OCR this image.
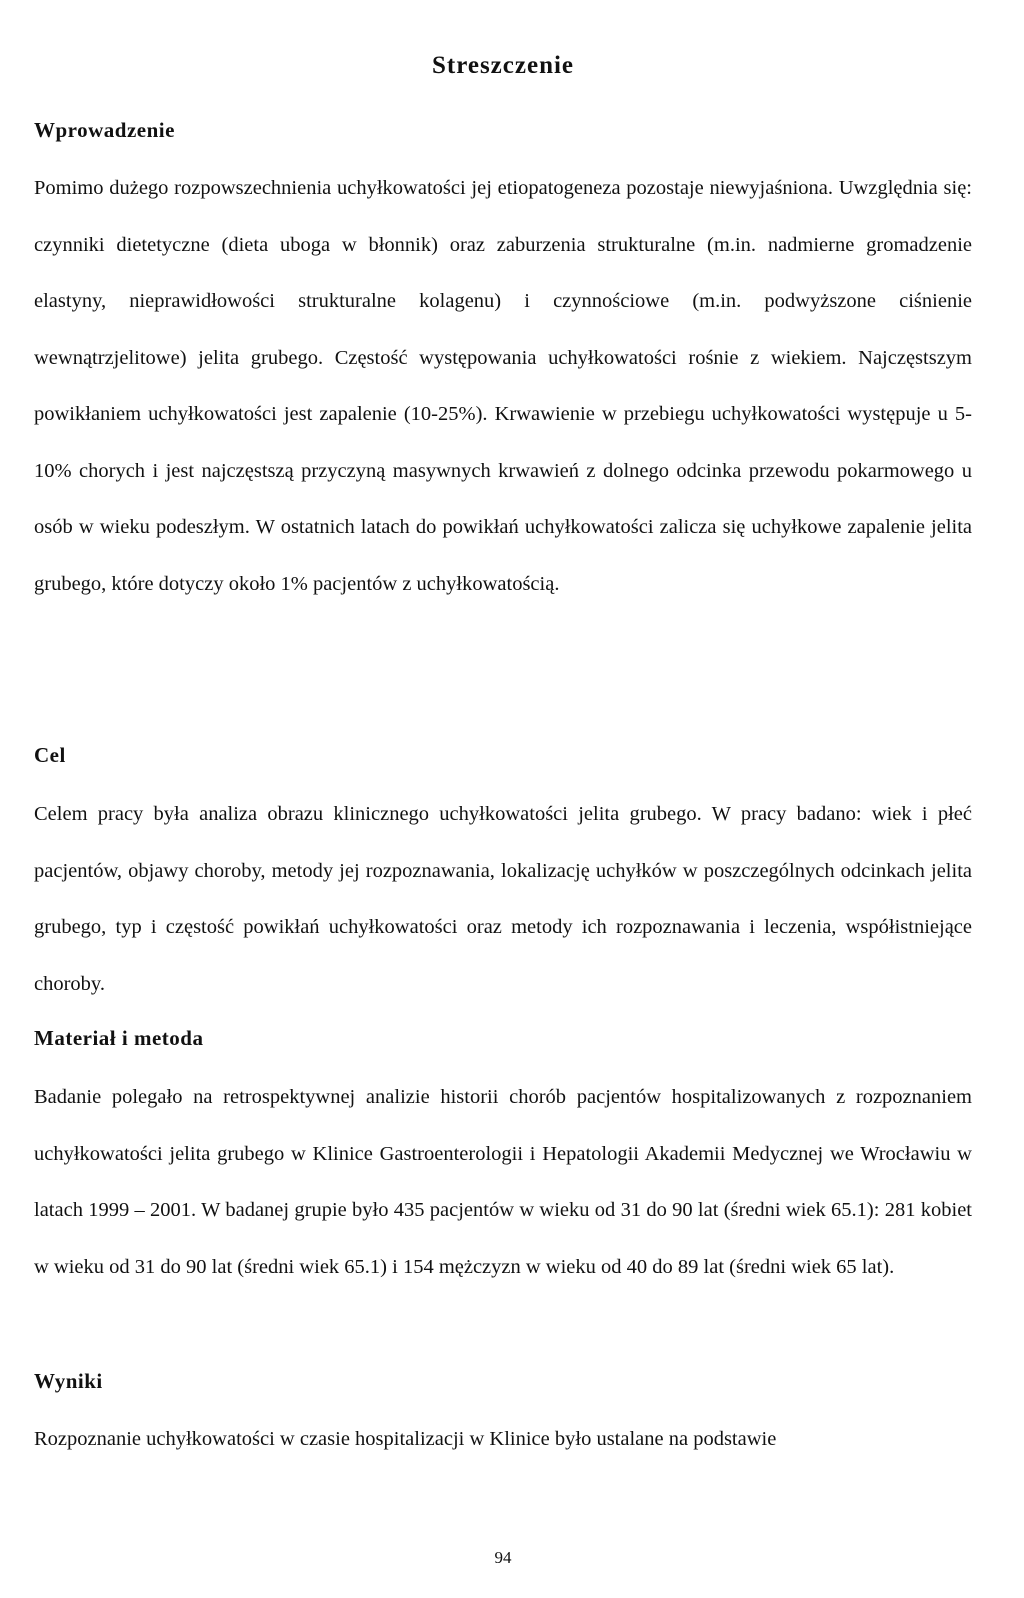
Streszczenie
Wprowadzenie

Pomimo dużego rozpowszechnienia uchyłkowatości jej etiopatogeneza pozostaje niewyjaśniona. Uwzględnia się: czynniki dietetyczne (dieta uboga w błonnik) oraz zaburzenia strukturalne (m.in. nadmierne gromadzenie elastyny, nieprawidłowości strukturalne kolagenu) i czynnościowe (m.in. podwyższone ciśnienie wewnątrzjelitowe) jelita grubego. Częstość występowania uchyłkowatości rośnie z wiekiem. Najczęstszym powikłaniem uchyłkowatości jest zapalenie (10-25%). Krwawienie w przebiegu uchyłkowatości występuje u 5-10% chorych i jest najczęstszą przyczyną masywnych krwawień z dolnego odcinka przewodu pokarmowego u osób w wieku podeszłym. W ostatnich latach do powikłań uchyłkowatości zalicza się uchyłkowe zapalenie jelita grubego, które dotyczy około 1% pacjentów z uchyłkowatością.

Cel

Celem pracy była analiza obrazu klinicznego uchyłkowatości jelita grubego. W pracy badano: wiek i płeć pacjentów, objawy choroby, metody jej rozpoznawania, lokalizację uchyłków w poszczególnych odcinkach jelita grubego, typ i częstość powikłań uchyłkowatości oraz metody ich rozpoznawania i leczenia, współistniejące choroby.

Materiał i metoda

Badanie polegało na retrospektywnej analizie historii chorób pacjentów hospitalizowanych z rozpoznaniem uchyłkowatości jelita grubego w Klinice Gastroenterologii i Hepatologii Akademii Medycznej we Wrocławiu w latach 1999 – 2001. W badanej grupie było 435 pacjentów w wieku od 31 do 90 lat (średni wiek 65.1): 281 kobiet w wieku od 31 do 90 lat (średni wiek 65.1) i 154 mężczyzn w wieku od 40 do 89 lat (średni wiek 65 lat).

Wyniki

Rozpoznanie uchyłkowatości w czasie hospitalizacji w Klinice było ustalane na podstawie

94
